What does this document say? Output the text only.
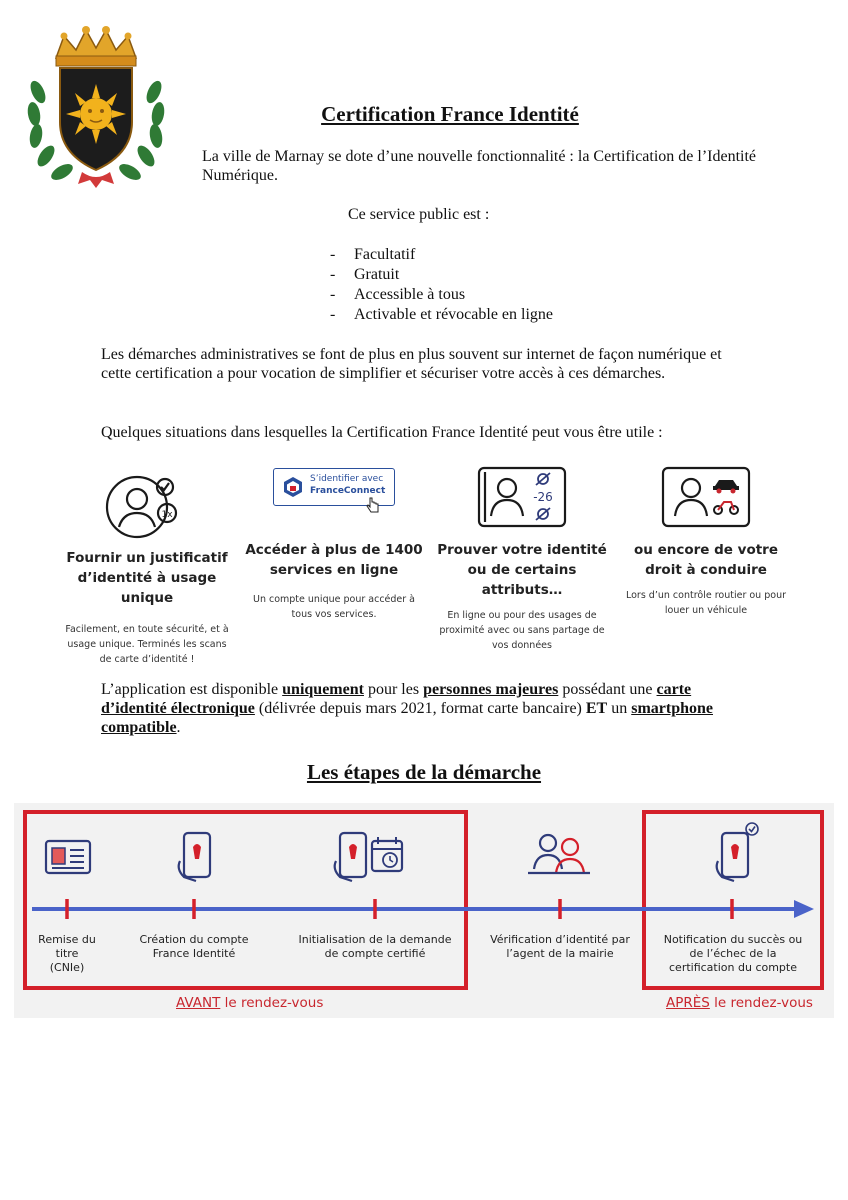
Certification France Identité
La ville de Marnay se dote d’une nouvelle fonctionnalité : la Certification de l’Identité Numérique.
Ce service public est :
-	Facultatif
-	Gratuit
-	Accessible à tous
-	Activable et révocable en ligne
Les démarches administratives se font de plus en plus souvent sur internet de façon numérique et cette certification a pour vocation de simplifier et sécuriser votre accès à ces démarches.
Quelques situations dans lesquelles la Certification France Identité peut vous être utile :
1x
Fournir un justificatif d’identité à usage unique
Facilement, en toute sécurité, et à usage unique. Terminés les scans de carte d’identité !
S’identifier avec
FranceConnect
Accéder à plus de 1400 services en ligne
Un compte unique pour accéder à tous vos services.
-26
Prouver votre identité ou de certains attributs…
En ligne ou pour des usages de proximité avec ou sans partage de vos données
ou encore de votre droit à conduire
Lors d’un contrôle routier ou pour louer un véhicule
L’application est disponible uniquement pour les personnes majeures possédant une carte d’identité électronique (délivrée depuis mars 2021, format carte bancaire) ET un smartphone compatible.
Les étapes de la démarche
Remise du titre (CNIe)
Création du compte France Identité
Initialisation de la demande de compte certifié
Vérification d’identité par l’agent de la mairie
Notification du succès ou de l’échec de la certification du compte
AVANT le rendez-vous	APRÈS le rendez-vous
